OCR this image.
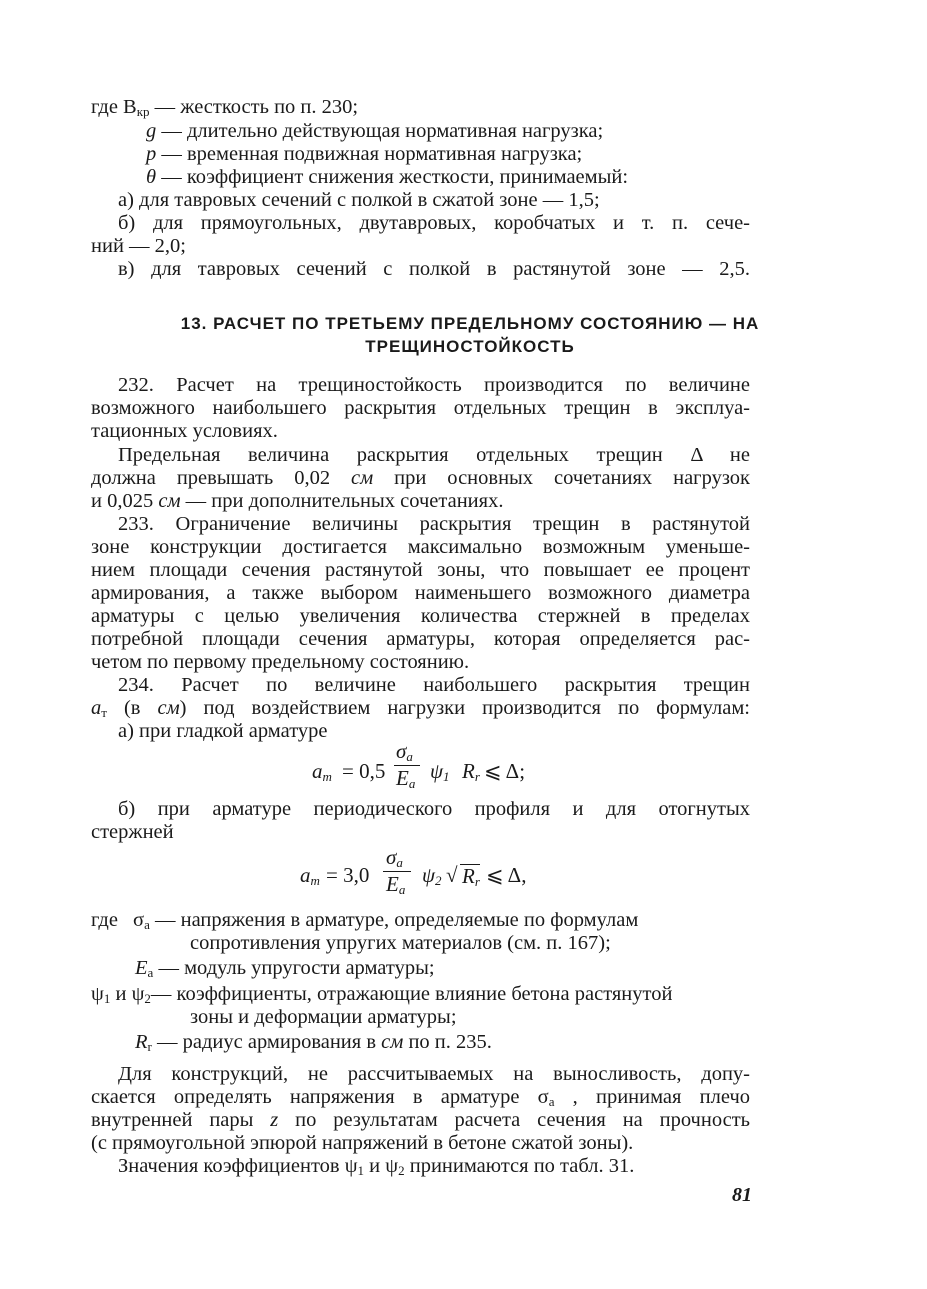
где $B_{кр}$ — жесткость по п. 230;
g — длительно действующая нормативная нагрузка;
p — временная подвижная нормативная нагрузка;
θ — коэффициент снижения жесткости, принимаемый:
а) для тавровых сечений с полкой в сжатой зоне — 1,5;
б) для прямоугольных, двутавровых, коробчатых и т. п. сече-
ний — 2,0;
в) для тавровых сечений с полкой в растянутой зоне — 2,5.
13. РАСЧЕТ ПО ТРЕТЬЕМУ ПРЕДЕЛЬНОМУ СОСТОЯНИЮ — НА
ТРЕЩИНОСТОЙКОСТЬ
232. Расчет на трещиностойкость производится по величине
возможного наибольшего раскрытия отдельных трещин в эксплуа-
тационных условиях.
Предельная величина раскрытия отдельных трещин Δ не
должна превышать 0,02 см при основных сочетаниях нагрузок
и 0,025 см — при дополнительных сочетаниях.
233. Ограничение величины раскрытия трещин в растянутой
зоне конструкции достигается максимально возможным уменьше-
нием площади сечения растянутой зоны, что повышает ее процент
армирования, а также выбором наименьшего возможного диаметра
арматуры с целью увеличения количества стержней в пределах
потребной площади сечения арматуры, которая определяется рас-
четом по первому предельному состоянию.
234. Расчет по величине наибольшего раскрытия трещин
$a_т$ (в см) под воздействием нагрузки производится по формулам:
а) при гладкой арматуре
$a_т = 0,5$
$\sigma_а$
$E_а$
$\psi_1$ $R_r$ ⩽ Δ;
б) при арматуре периодического профиля и для отогнутых
стержней
$a_т = 3,0$
$\sigma_а$
$E_а$
$\psi_2$ √ $R_r$ ⩽ Δ,
где $\sigma_а$ — напряжения в арматуре, определяемые по формулам
сопротивления упругих материалов (см. п. 167);
$E_а$ — модуль упругости арматуры;
$\psi_1$ и $\psi_2—$ коэффициенты, отражающие влияние бетона растянутой
зоны и деформации арматуры;
$R_r$ — радиус армирования в см по п. 235.
Для конструкций, не рассчитываемых на выносливость, допу-
скается определять напряжения в арматуре $\sigma_а$ , принимая плечо
внутренней пары z по результатам расчета сечения на прочность
(с прямоугольной эпюрой напряжений в бетоне сжатой зоны).
Значения коэффициентов $\psi_1$ и $\psi_2$ принимаются по табл. 31.
81
